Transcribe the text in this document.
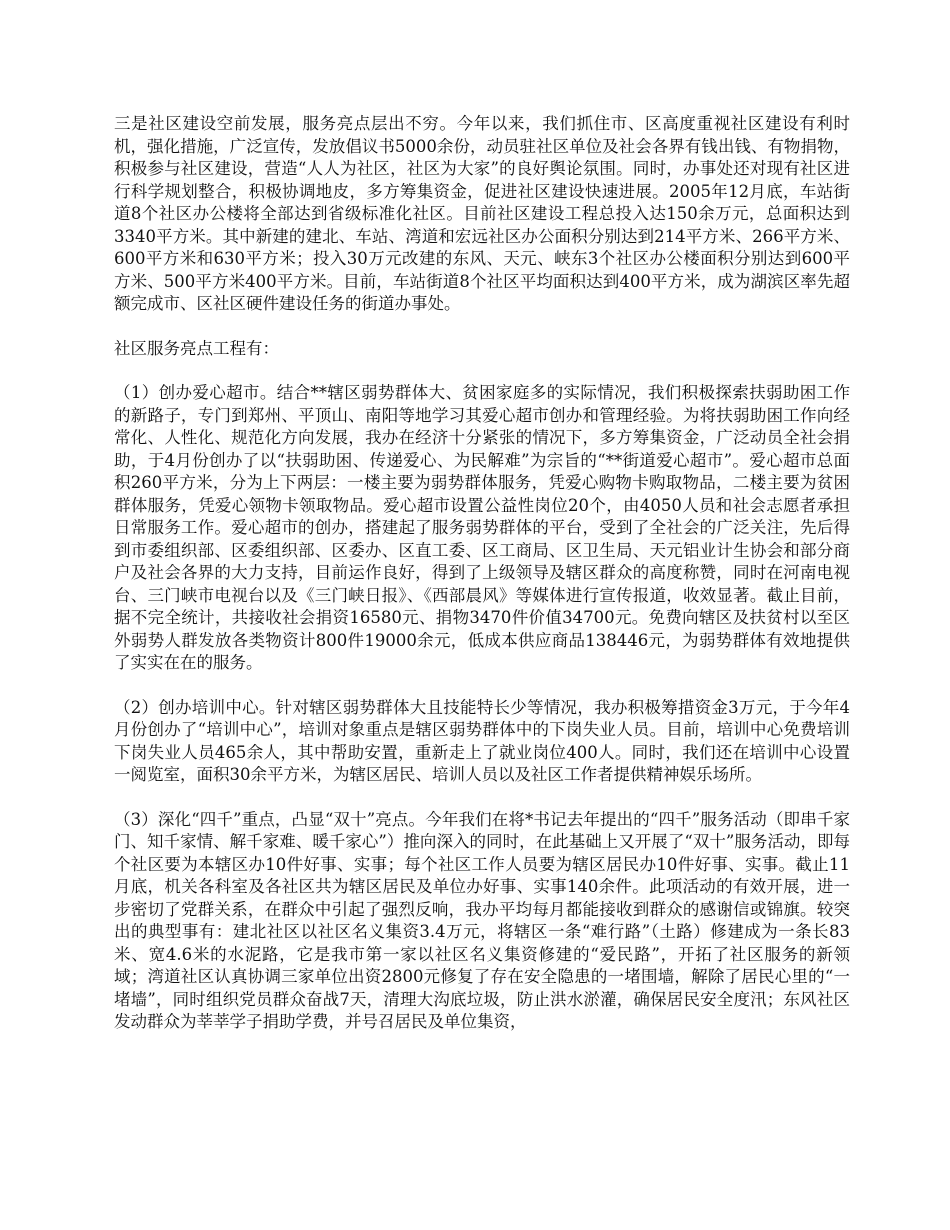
三是社区建设空前发展，服务亮点层出不穷。今年以来，我们抓住市、区高度重视社区建设有利时机，强化措施，广泛宣传，发放倡议书5000余份，动员驻社区单位及社会各界有钱出钱、有物捐物，积极参与社区建设，营造“人人为社区，社区为大家”的良好舆论氛围。同时，办事处还对现有社区进行科学规划整合，积极协调地皮，多方筹集资金，促进社区建设快速进展。2005年12月底，车站街道8个社区办公楼将全部达到省级标准化社区。目前社区建设工程总投入达150余万元，总面积达到3340平方米。其中新建的建北、车站、湾道和宏远社区办公面积分别达到214平方米、266平方米、600平方米和630平方米；投入30万元改建的东风、天元、峡东3个社区办公楼面积分别达到600平方米、500平方米400平方米。目前，车站街道8个社区平均面积达到400平方米，成为湖滨区率先超额完成市、区社区硬件建设任务的街道办事处。

社区服务亮点工程有：

（1）创办爱心超市。结合**辖区弱势群体大、贫困家庭多的实际情况，我们积极探索扶弱助困工作的新路子，专门到郑州、平顶山、南阳等地学习其爱心超市创办和管理经验。为将扶弱助困工作向经常化、人性化、规范化方向发展，我办在经济十分紧张的情况下，多方筹集资金，广泛动员全社会捐助，于4月份创办了以“扶弱助困、传递爱心、为民解难”为宗旨的“**街道爱心超市”。爱心超市总面积260平方米，分为上下两层：一楼主要为弱势群体服务，凭爱心购物卡购取物品，二楼主要为贫困群体服务，凭爱心领物卡领取物品。爱心超市设置公益性岗位20个，由4050人员和社会志愿者承担日常服务工作。爱心超市的创办，搭建起了服务弱势群体的平台，受到了全社会的广泛关注，先后得到市委组织部、区委组织部、区委办、区直工委、区工商局、区卫生局、天元铝业计生协会和部分商户及社会各界的大力支持，目前运作良好，得到了上级领导及辖区群众的高度称赞，同时在河南电视台、三门峡市电视台以及《三门峡日报》、《西部晨风》等媒体进行宣传报道，收效显著。截止目前，据不完全统计，共接收社会捐资16580元、捐物3470件价值34700元。免费向辖区及扶贫村以至区外弱势人群发放各类物资计800件19000余元，低成本供应商品138446元，为弱势群体有效地提供了实实在在的服务。

（2）创办培训中心。针对辖区弱势群体大且技能特长少等情况，我办积极筹措资金3万元，于今年4月份创办了“培训中心”，培训对象重点是辖区弱势群体中的下岗失业人员。目前，培训中心免费培训下岗失业人员465余人，其中帮助安置，重新走上了就业岗位400人。同时，我们还在培训中心设置一阅览室，面积30余平方米，为辖区居民、培训人员以及社区工作者提供精神娱乐场所。

（3）深化“四千”重点，凸显“双十”亮点。今年我们在将*书记去年提出的“四千”服务活动（即串千家门、知千家情、解千家难、暖千家心”）推向深入的同时，在此基础上又开展了“双十”服务活动，即每个社区要为本辖区办10件好事、实事；每个社区工作人员要为辖区居民办10件好事、实事。截止11月底，机关各科室及各社区共为辖区居民及单位办好事、实事140余件。此项活动的有效开展，进一步密切了党群关系，在群众中引起了强烈反响，我办平均每月都能接收到群众的感谢信或锦旗。较突出的典型事有：建北社区以社区名义集资3.4万元，将辖区一条“难行路”（土路）修建成为一条长83米、宽4.6米的水泥路，它是我市第一家以社区名义集资修建的“爱民路”，开拓了社区服务的新领域；湾道社区认真协调三家单位出资2800元修复了存在安全隐患的一堵围墙，解除了居民心里的“一堵墙”，同时组织党员群众奋战7天，清理大沟底垃圾，防止洪水淤灌，确保居民安全度汛；东风社区发动群众为莘莘学子捐助学费，并号召居民及单位集资，
